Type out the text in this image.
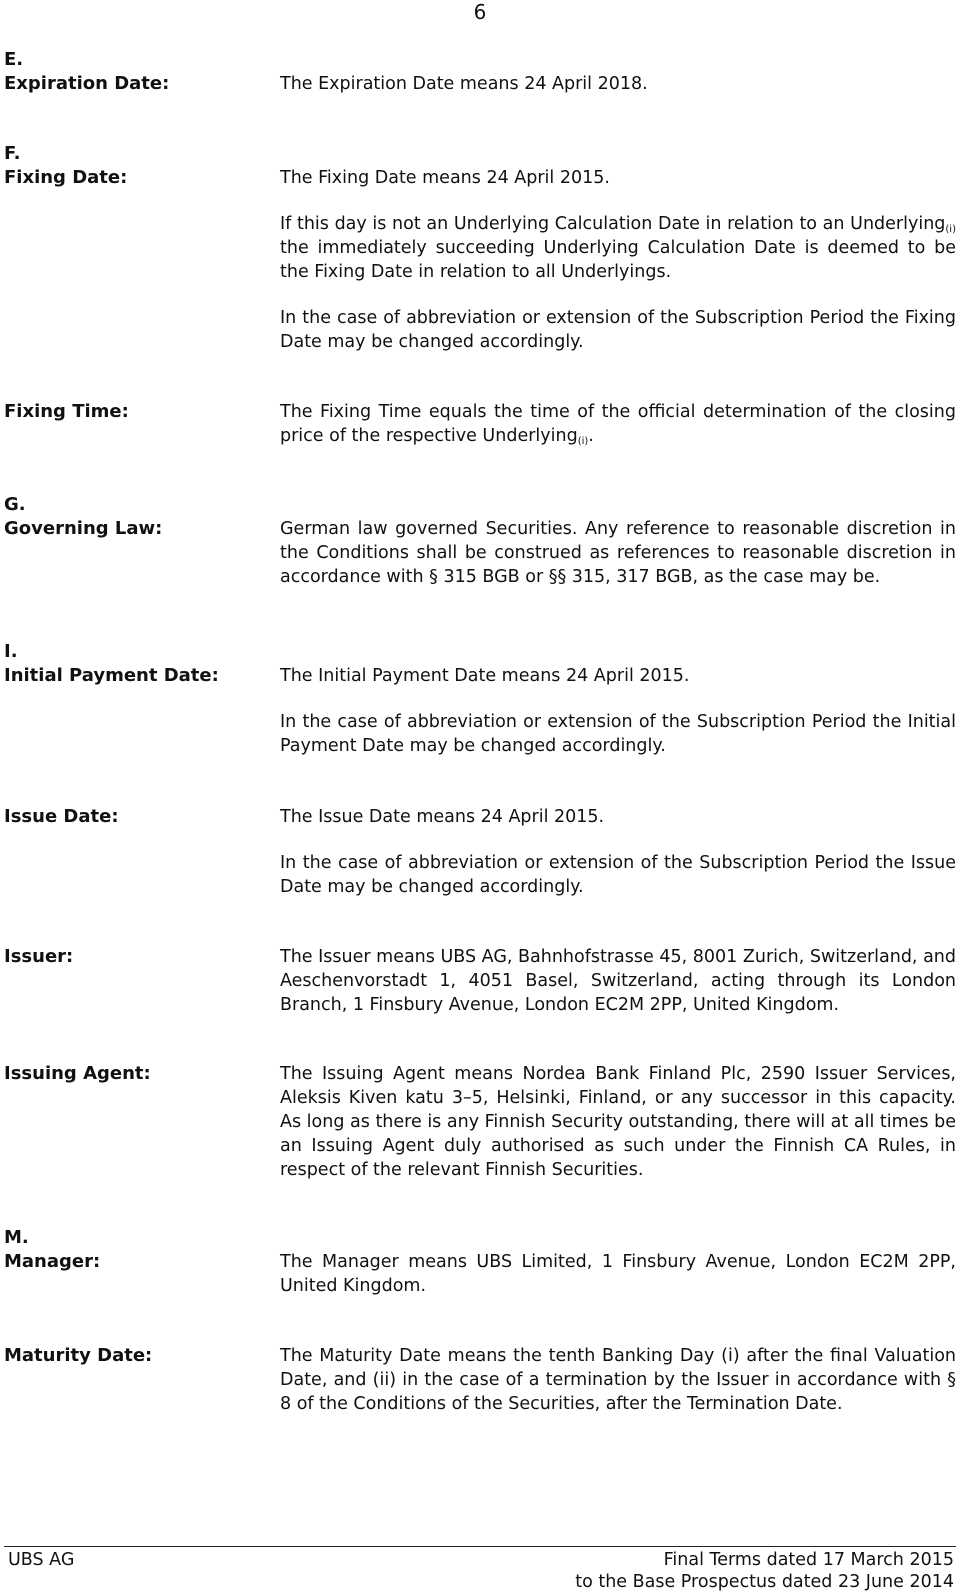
6
E.
Expiration Date:	The Expiration Date means 24 April 2018.

F.
Fixing Date:	The Fixing Date means 24 April 2015.

If this day is not an Underlying Calculation Date in relation to an Underlying$_{(i)}$ the immediately succeeding Underlying Calculation Date is deemed to be the Fixing Date in relation to all Underlyings.

In the case of abbreviation or extension of the Subscription Period the Fixing Date may be changed accordingly.

Fixing Time:	The Fixing Time equals the time of the official determination of the closing price of the respective Underlying$_{(i)}$.

G.
Governing Law:	German law governed Securities. Any reference to reasonable discretion in the Conditions shall be construed as references to reasonable discretion in accordance with § 315 BGB or §§ 315, 317 BGB, as the case may be.

I.
Initial Payment Date:	The Initial Payment Date means 24 April 2015.

In the case of abbreviation or extension of the Subscription Period the Initial Payment Date may be changed accordingly.

Issue Date:	The Issue Date means 24 April 2015.

In the case of abbreviation or extension of the Subscription Period the Issue Date may be changed accordingly.

Issuer:	The Issuer means UBS AG, Bahnhofstrasse 45, 8001 Zurich, Switzerland, and Aeschenvorstadt 1, 4051 Basel, Switzerland, acting through its London Branch, 1 Finsbury Avenue, London EC2M 2PP, United Kingdom.

Issuing Agent:	The Issuing Agent means Nordea Bank Finland Plc, 2590 Issuer Services, Aleksis Kiven katu 3–5, Helsinki, Finland, or any successor in this capacity. As long as there is any Finnish Security outstanding, there will at all times be an Issuing Agent duly authorised as such under the Finnish CA Rules, in respect of the relevant Finnish Securities.

M.
Manager:	The Manager means UBS Limited, 1 Finsbury Avenue, London EC2M 2PP, United Kingdom.

Maturity Date:	The Maturity Date means the tenth Banking Day (i) after the final Valuation Date, and (ii) in the case of a termination by the Issuer in accordance with § 8 of the Conditions of the Securities, after the Termination Date.

UBS AG	Final Terms dated 17 March 2015
to the Base Prospectus dated 23 June 2014
